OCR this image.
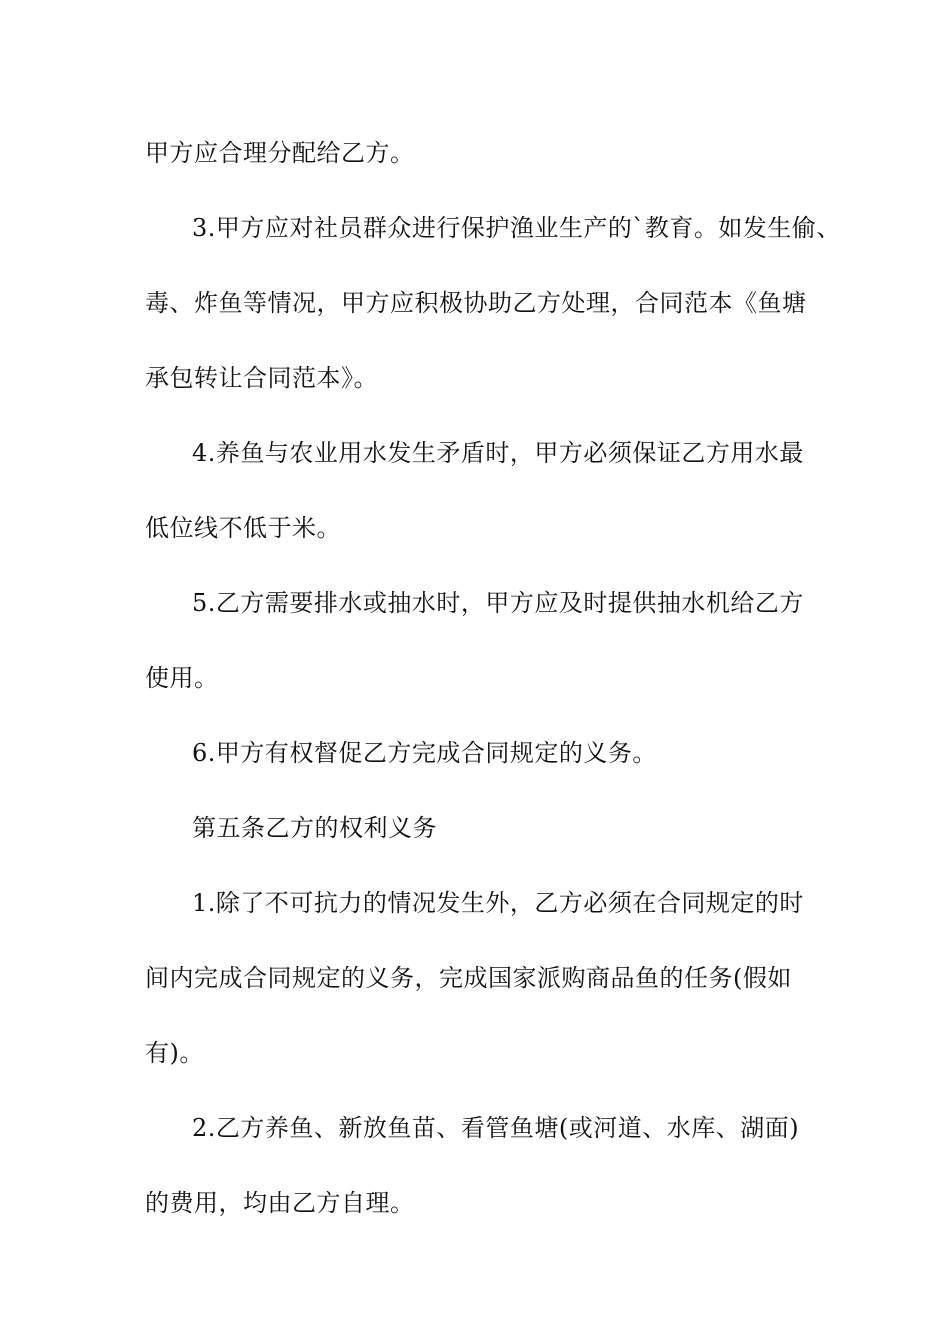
甲方应合理分配给乙方。
3.甲方应对社员群众进行保护渔业生产的`教育。如发生偷、
毒、炸鱼等情况，甲方应积极协助乙方处理，合同范本《鱼塘
承包转让合同范本》。
4.养鱼与农业用水发生矛盾时，甲方必须保证乙方用水最
低位线不低于米。
5.乙方需要排水或抽水时，甲方应及时提供抽水机给乙方
使用。
6.甲方有权督促乙方完成合同规定的义务。
第五条乙方的权利义务
1.除了不可抗力的情况发生外，乙方必须在合同规定的时
间内完成合同规定的义务，完成国家派购商品鱼的任务(假如
有)。
2.乙方养鱼、新放鱼苗、看管鱼塘(或河道、水库、湖面)
的费用，均由乙方自理。
